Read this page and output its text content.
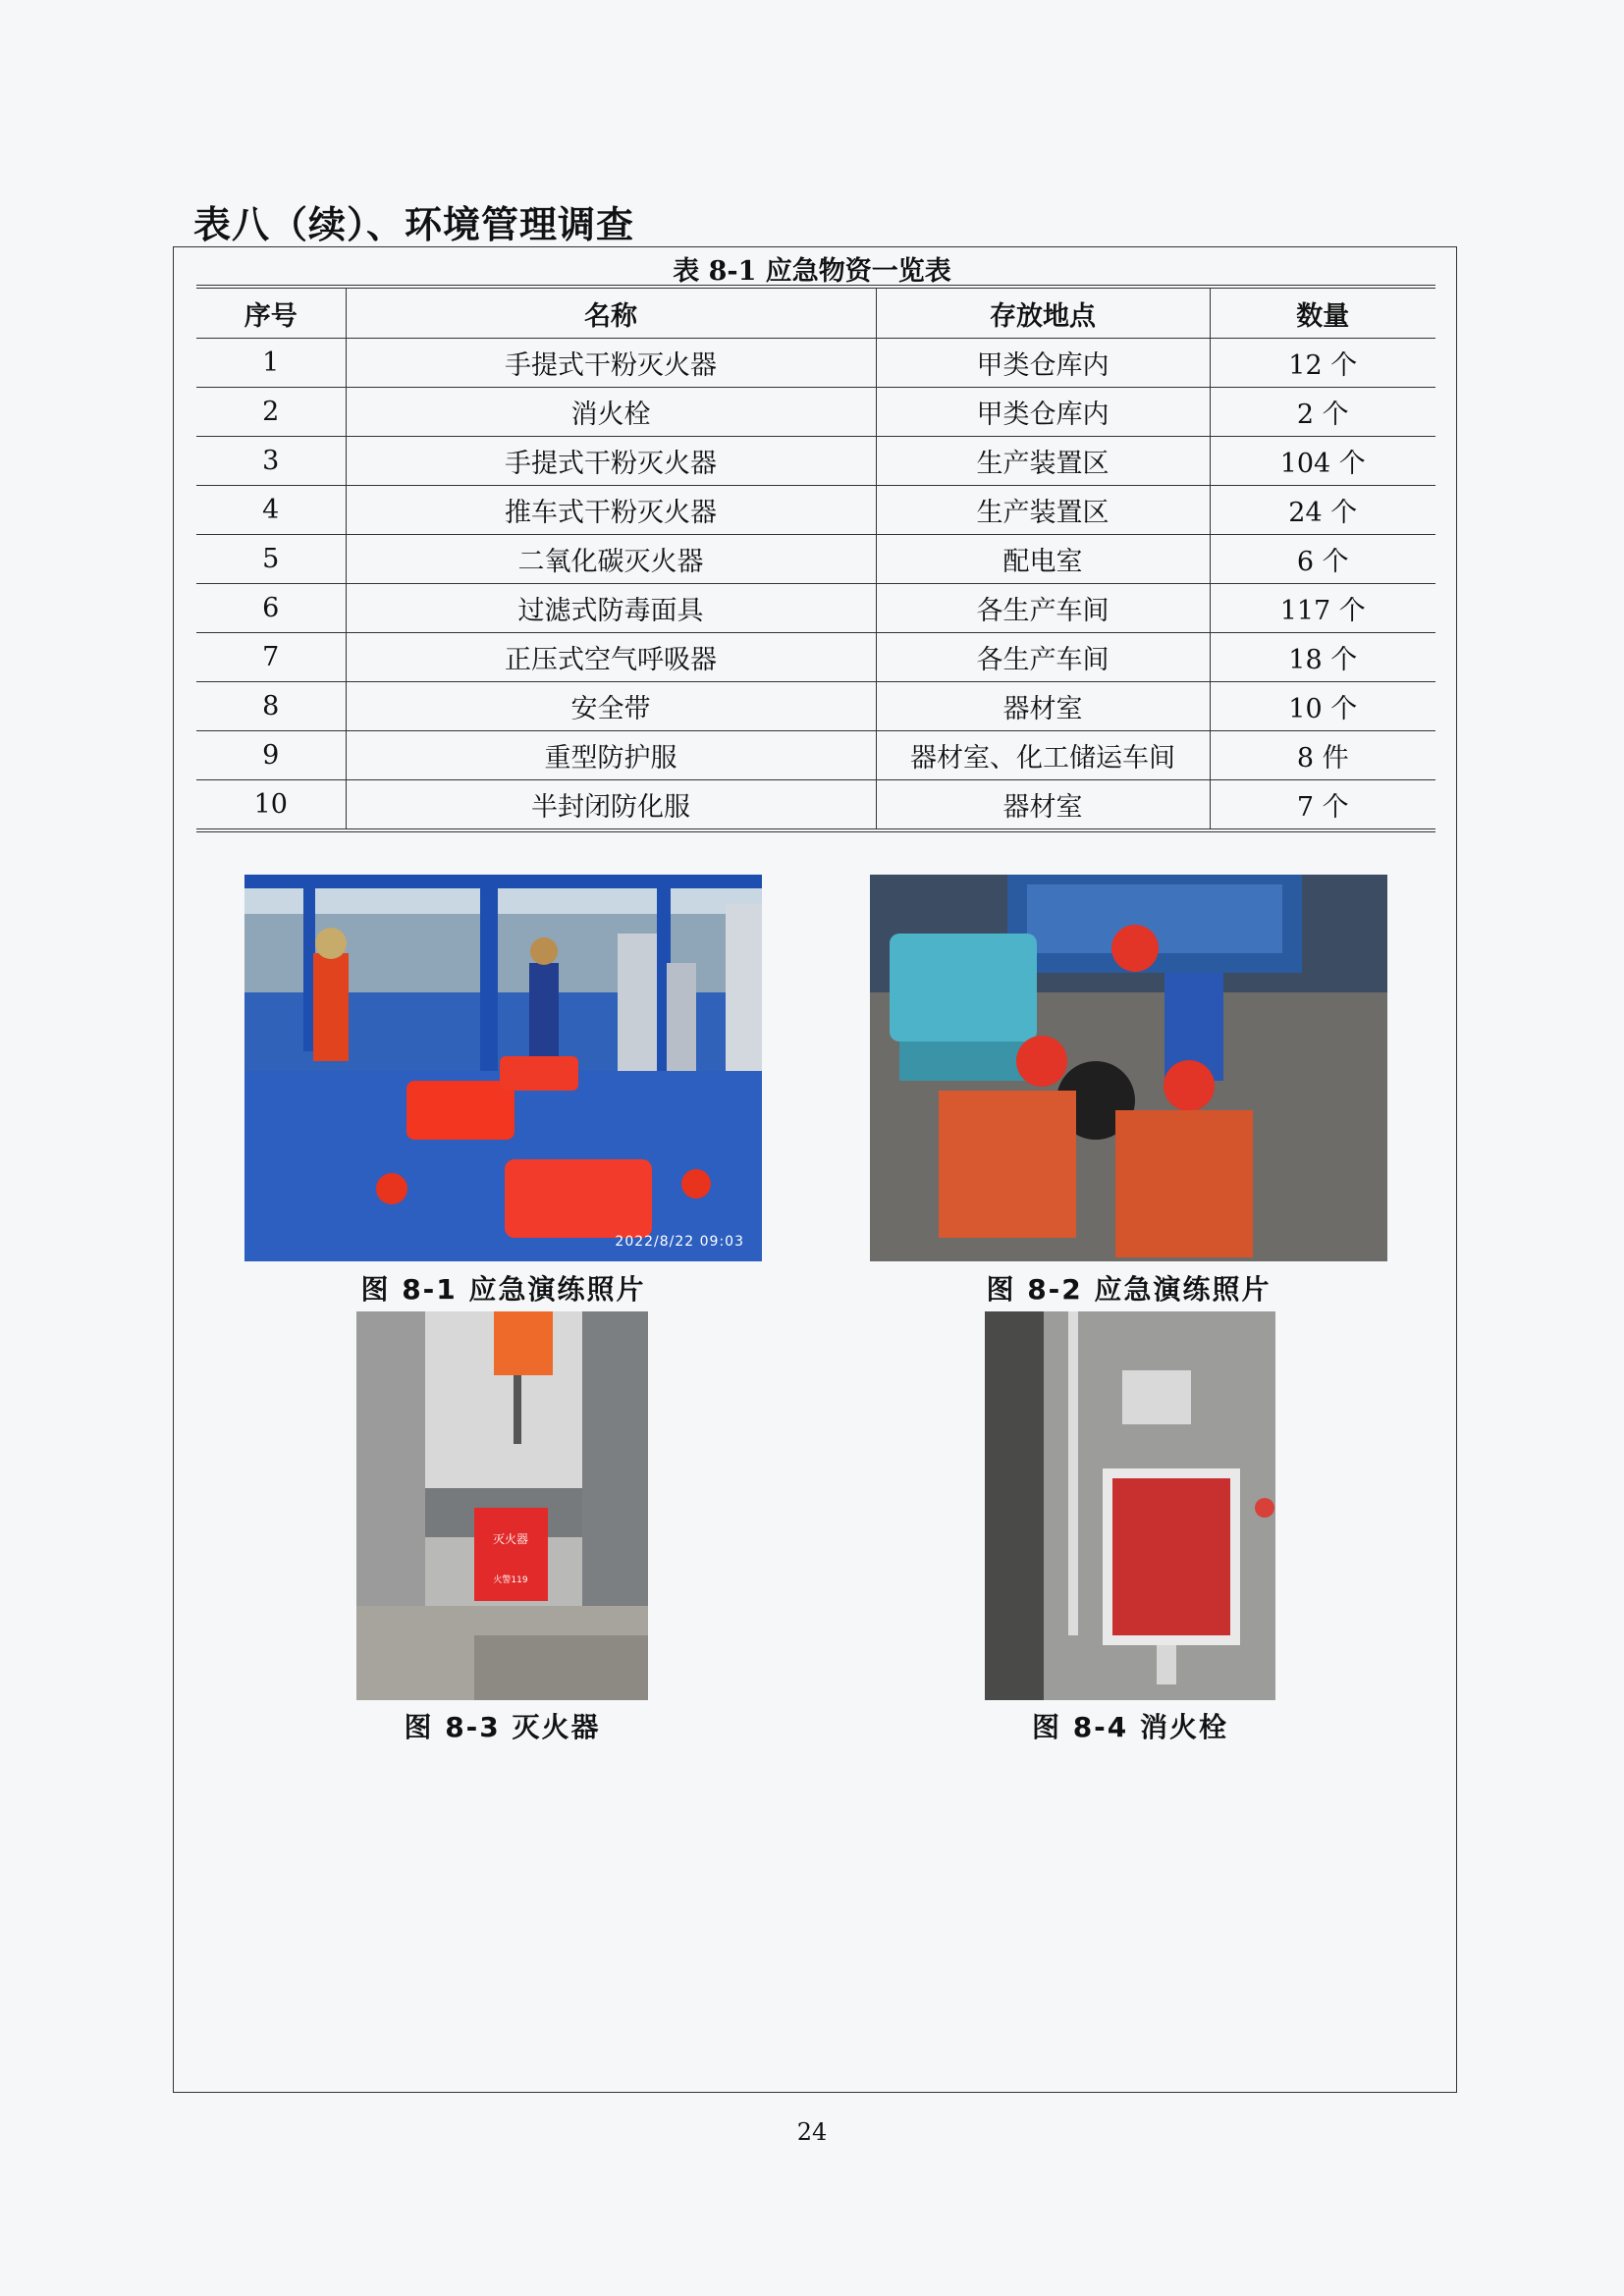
表八（续）、环境管理调查
表 8-1 应急物资一览表
序号	名称	存放地点	数量
1	手提式干粉灭火器	甲类仓库内	12 个
2	消火栓	甲类仓库内	2 个
3	手提式干粉灭火器	生产装置区	104 个
4	推车式干粉灭火器	生产装置区	24 个
5	二氧化碳灭火器	配电室	6 个
6	过滤式防毒面具	各生产车间	117 个
7	正压式空气呼吸器	各生产车间	18 个
8	安全带	器材室	10 个
9	重型防护服	器材室、化工储运车间	8 件
10	半封闭防化服	器材室	7 个
2022/8/22 09:03
图 8-1 应急演练照片	图 8-2 应急演练照片
灭火器
火警119
图 8-3 灭火器	图 8-4 消火栓
24
